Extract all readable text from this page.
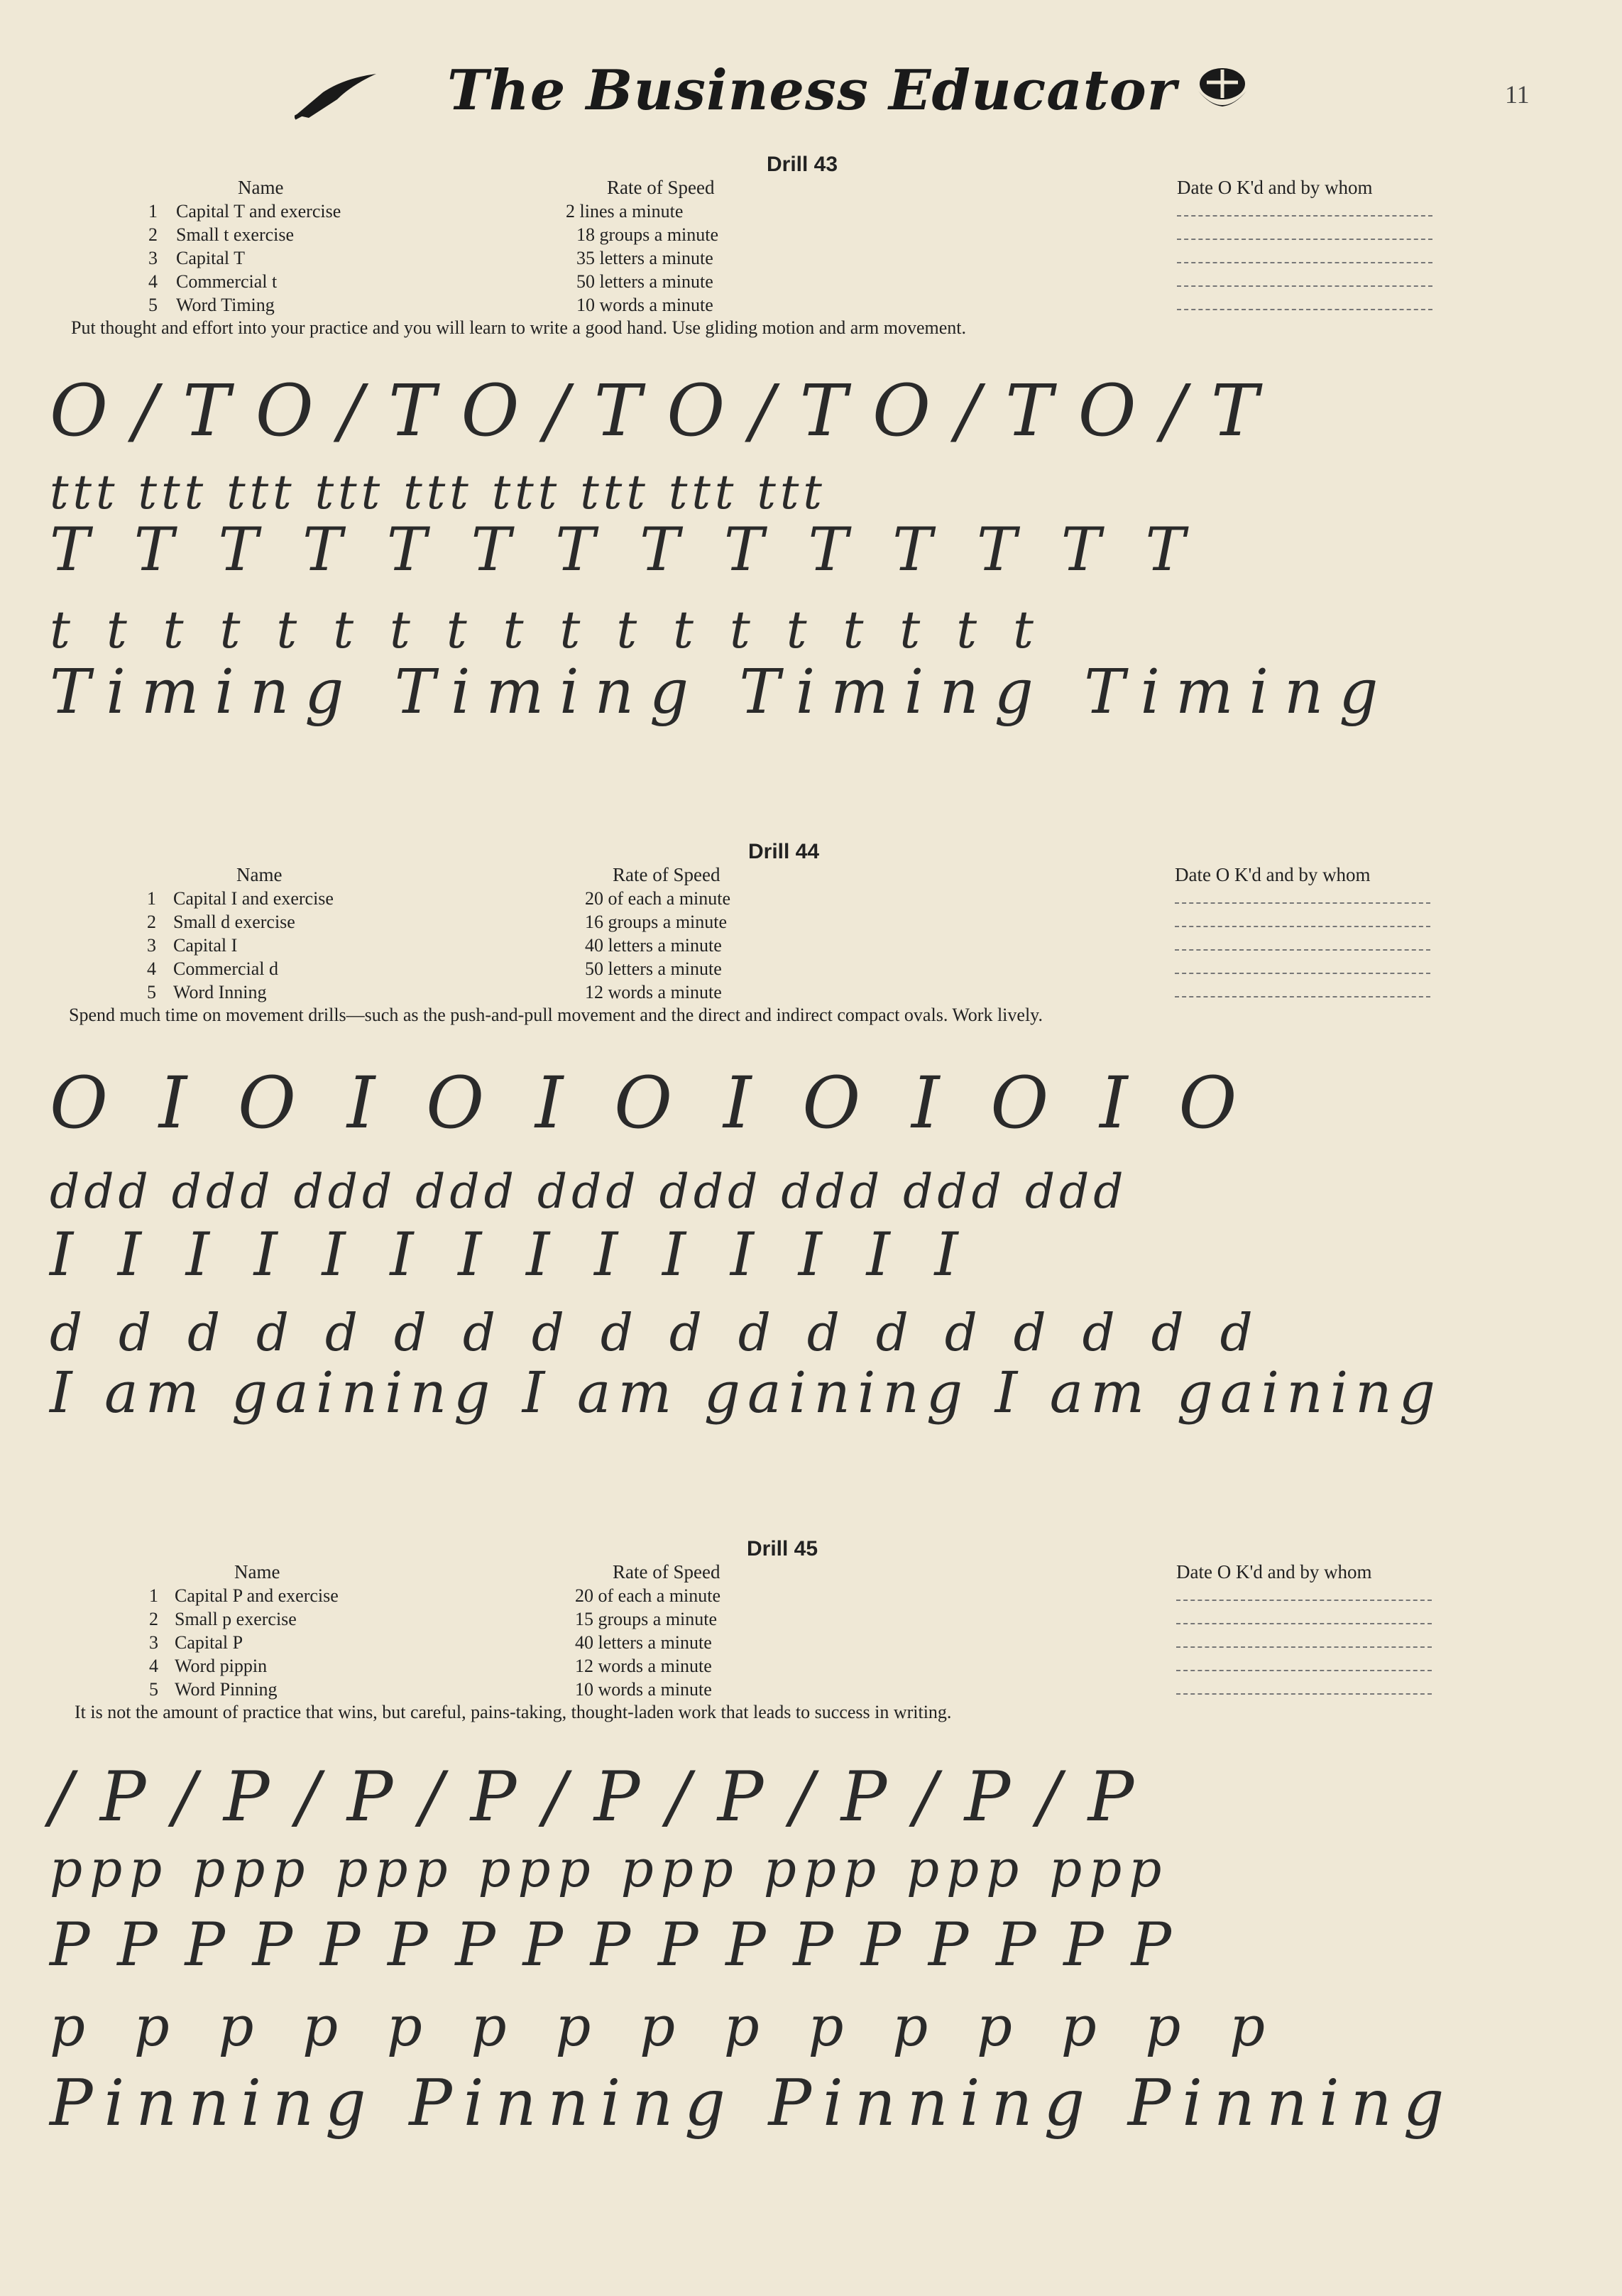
The Business Educator	11
Drill 43
Name	Rate of Speed	Date O K'd and by whom
1 Capital T and exercise	2 lines a minute
2 Small t exercise	18 groups a minute
3 Capital T	35 letters a minute
4 Commercial t	50 letters a minute
5 Word Timing	10 words a minute
Put thought and effort into your practice and you will learn to write a good hand. Use gliding motion and arm movement.
O / T O / T O / T O / T O / T O / T
ttt ttt ttt ttt ttt ttt ttt ttt ttt
T T T T T T T T T T T T T T
t t t t t t t t t t t t t t t t t t
Timing Timing Timing Timing
Drill 44
Name	Rate of Speed	Date O K'd and by whom
1 Capital I and exercise	20 of each a minute
2 Small d exercise	16 groups a minute
3 Capital I	40 letters a minute
4 Commercial d	50 letters a minute
5 Word Inning	12 words a minute
Spend much time on movement drills—such as the push-and-pull movement and the direct and indirect compact ovals. Work lively.
O I O I O I O I O I O I O
ddd ddd ddd ddd ddd ddd ddd ddd ddd
I I I I I I I I I I I I I I
d d d d d d d d d d d d d d d d d d
I am gaining I am gaining I am gaining
Drill 45
Name	Rate of Speed	Date O K'd and by whom
1 Capital P and exercise	20 of each a minute
2 Small p exercise	15 groups a minute
3 Capital P	40 letters a minute
4 Word pippin	12 words a minute
5 Word Pinning	10 words a minute
It is not the amount of practice that wins, but careful, pains-taking, thought-laden work that leads to success in writing.
/ P / P / P / P / P / P / P / P / P
ppp ppp ppp ppp ppp ppp ppp ppp
P P P P P P P P P P P P P P P P P
p p p p p p p p p p p p p p p
Pinning Pinning Pinning Pinning
